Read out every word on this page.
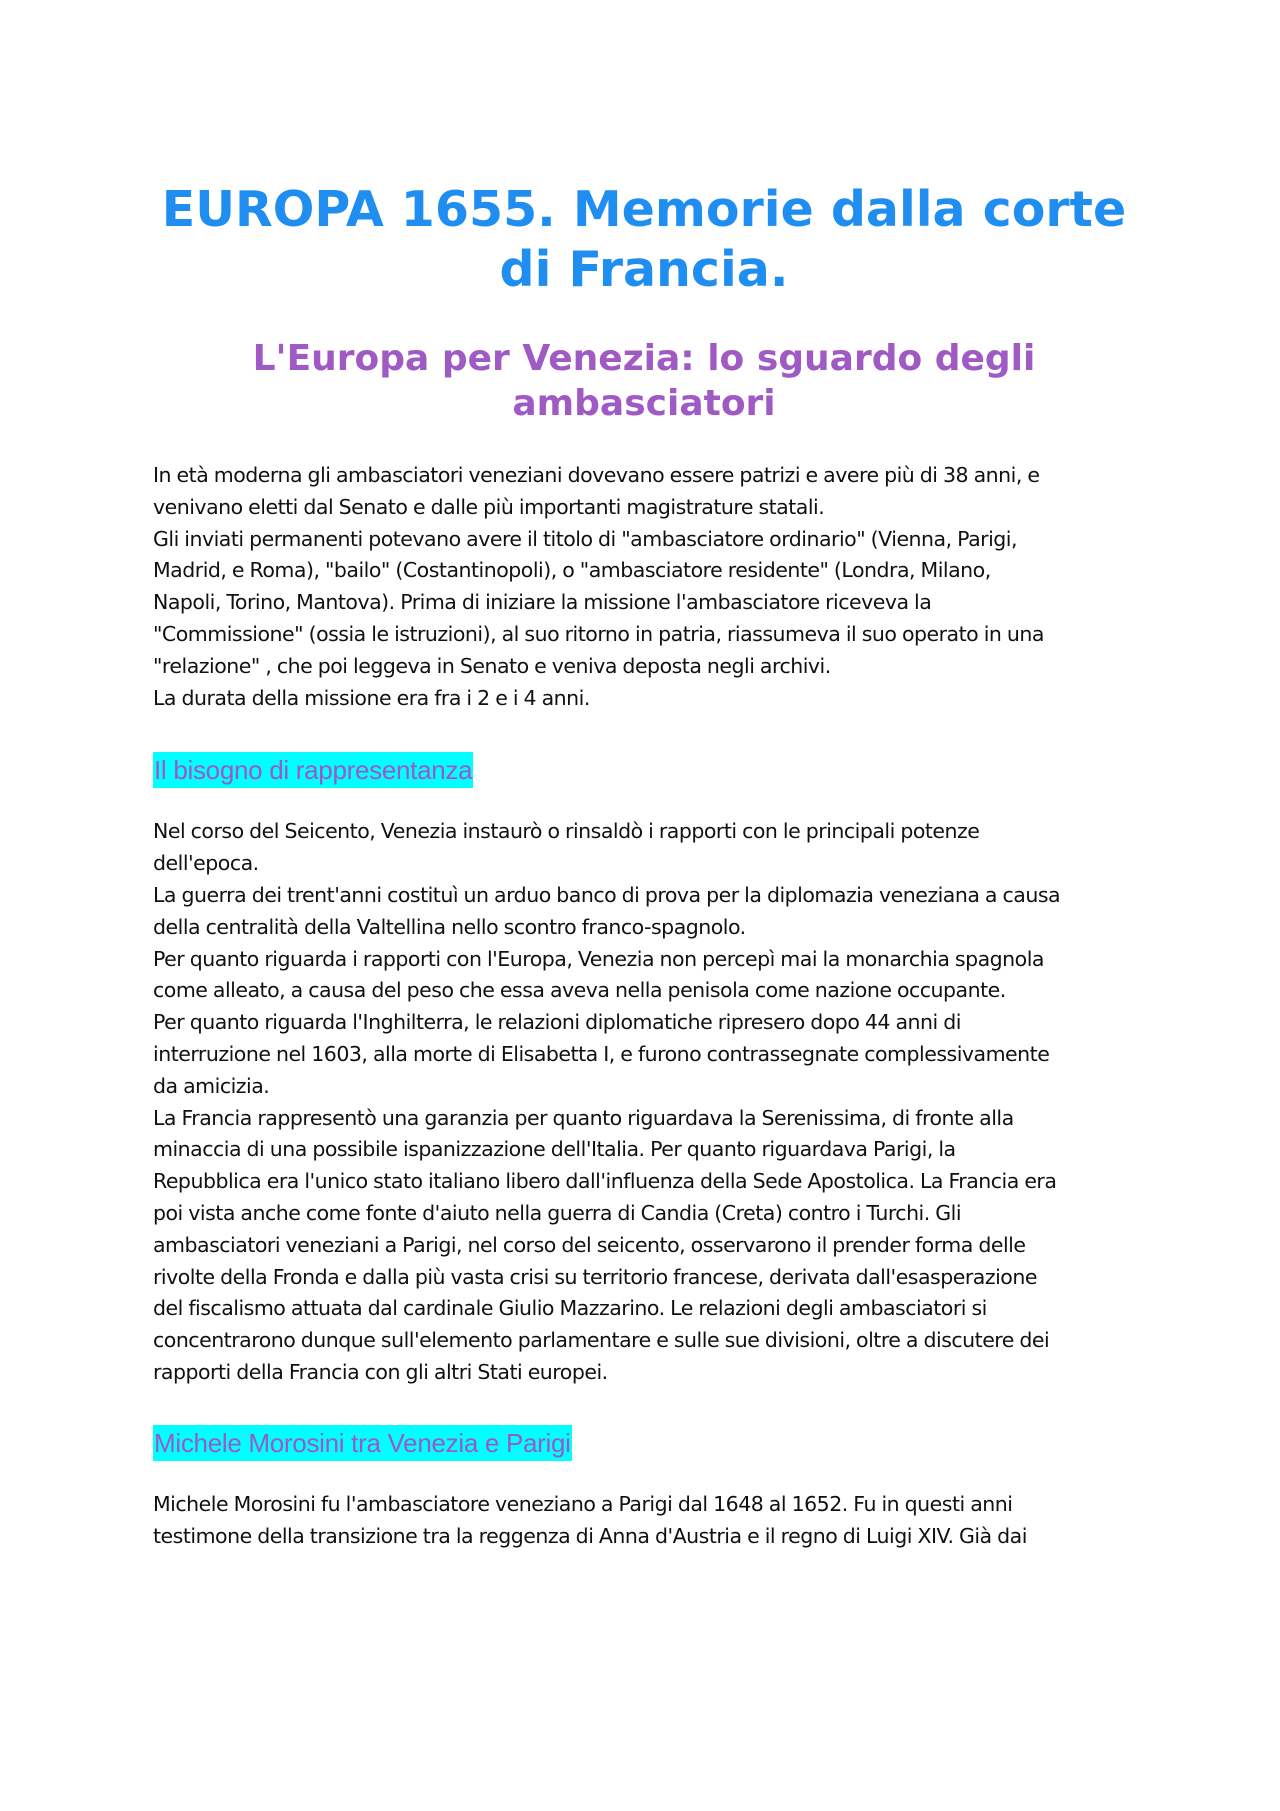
EUROPA 1655. Memorie dalla corte di Francia.
L'Europa per Venezia: lo sguardo degli ambasciatori

In età moderna gli ambasciatori veneziani dovevano essere patrizi e avere più di 38 anni, e
venivano eletti dal Senato e dalle più importanti magistrature statali.
Gli inviati permanenti potevano avere il titolo di "ambasciatore ordinario" (Vienna, Parigi,
Madrid, e Roma), "bailo" (Costantinopoli), o "ambasciatore residente" (Londra, Milano,
Napoli, Torino, Mantova). Prima di iniziare la missione l'ambasciatore riceveva la
"Commissione" (ossia le istruzioni), al suo ritorno in patria, riassumeva il suo operato in una
"relazione" , che poi leggeva in Senato e veniva deposta negli archivi.
La durata della missione era fra i 2 e i 4 anni.

Il bisogno di rappresentanza

Nel corso del Seicento, Venezia instaurò o rinsaldò i rapporti con le principali potenze
dell'epoca.
La guerra dei trent'anni costituì un arduo banco di prova per la diplomazia veneziana a causa
della centralità della Valtellina nello scontro franco-spagnolo.
Per quanto riguarda i rapporti con l'Europa, Venezia non percepì mai la monarchia spagnola
come alleato, a causa del peso che essa aveva nella penisola come nazione occupante.
Per quanto riguarda l'Inghilterra, le relazioni diplomatiche ripresero dopo 44 anni di
interruzione nel 1603, alla morte di Elisabetta I, e furono contrassegnate complessivamente
da amicizia.
La Francia rappresentò una garanzia per quanto riguardava la Serenissima, di fronte alla
minaccia di una possibile ispanizzazione dell'Italia. Per quanto riguardava Parigi, la
Repubblica era l'unico stato italiano libero dall'influenza della Sede Apostolica. La Francia era
poi vista anche come fonte d'aiuto nella guerra di Candia (Creta) contro i Turchi. Gli
ambasciatori veneziani a Parigi, nel corso del seicento, osservarono il prender forma delle
rivolte della Fronda e dalla più vasta crisi su territorio francese, derivata dall'esasperazione
del fiscalismo attuata dal cardinale Giulio Mazzarino. Le relazioni degli ambasciatori si
concentrarono dunque sull'elemento parlamentare e sulle sue divisioni, oltre a discutere dei
rapporti della Francia con gli altri Stati europei.

Michele Morosini tra Venezia e Parigi

Michele Morosini fu l'ambasciatore veneziano a Parigi dal 1648 al 1652. Fu in questi anni
testimone della transizione tra la reggenza di Anna d'Austria e il regno di Luigi XIV. Già dai
